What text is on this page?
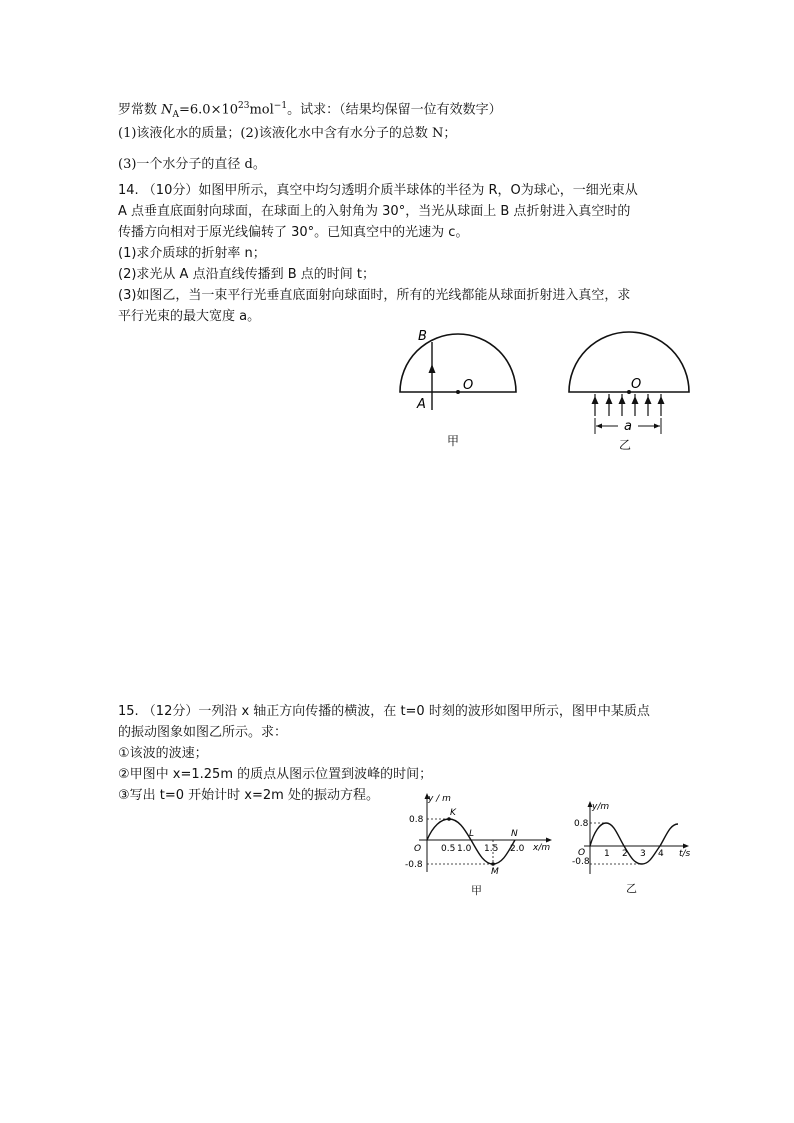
罗常数 $N_A=6.0\times 10^{23}mol^{-1}$。试求：（结果均保留一位有效数字）
(1)该液化水的质量；(2)该液化水中含有水分子的总数 N；
(3)一个水分子的直径 d。
14. （10分）如图甲所示，真空中均匀透明介质半球体的半径为 R，O为球心，一细光束从
A 点垂直底面射向球面，在球面上的入射角为 30°，当光从球面上 B 点折射进入真空时的
传播方向相对于原光线偏转了 30°。已知真空中的光速为 c。
(1)求介质球的折射率 n；
(2)求光从 A 点沿直线传播到 B 点的时间 t；
(3)如图乙，当一束平行光垂直底面射向球面时，所有的光线都能从球面折射进入真空，求
平行光束的最大宽度 a。
B
A
O
甲
O
a
乙
15. （12分）一列沿 x 轴正方向传播的横波，在 t=0 时刻的波形如图甲所示，图甲中某质点
的振动图象如图乙所示。求：
①该波的波速；
②甲图中 x=1.25m 的质点从图示位置到波峰的时间；
③写出 t=0 开始计时 x=2m 处的振动方程。	y / m
x/m
O
0.8
-0.8
0.5 1.0 1.5 2.0
K
L
M
N
甲
y/m
t/s
O
0.8
-0.8
1 2 3 4
乙
